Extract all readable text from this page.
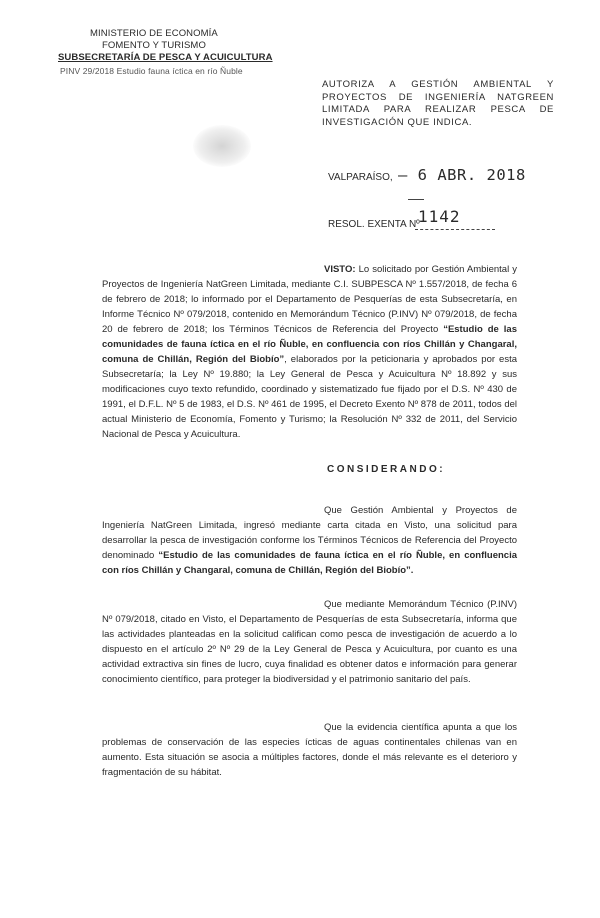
MINISTERIO DE ECONOMÍA
FOMENTO Y TURISMO
SUBSECRETARÍA DE PESCA Y ACUICULTURA
PINV 29/2018 Estudio fauna íctica en río Ñuble
AUTORIZA A GESTIÓN AMBIENTAL Y PROYECTOS DE INGENIERÍA NATGREEN LIMITADA PARA REALIZAR PESCA DE INVESTIGACIÓN QUE INDICA.
VALPARAÍSO, – 6 ABR. 2018
RESOL. EXENTA Nº
1142
VISTO: Lo solicitado por Gestión Ambiental y Proyectos de Ingeniería NatGreen Limitada, mediante C.I. SUBPESCA Nº 1.557/2018, de fecha 6 de febrero de 2018; lo informado por el Departamento de Pesquerías de esta Subsecretaría, en Informe Técnico Nº 079/2018, contenido en Memorándum Técnico (P.INV) Nº 079/2018, de fecha 20 de febrero de 2018; los Términos Técnicos de Referencia del Proyecto “Estudio de las comunidades de fauna íctica en el río Ñuble, en confluencia con ríos Chillán y Changaral, comuna de Chillán, Región del Biobío”, elaborados por la peticionaria y aprobados por esta Subsecretaría; la Ley Nº 19.880; la Ley General de Pesca y Acuicultura Nº 18.892 y sus modificaciones cuyo texto refundido, coordinado y sistematizado fue fijado por el D.S. Nº 430 de 1991, el D.F.L. Nº 5 de 1983, el D.S. Nº 461 de 1995, el Decreto Exento Nº 878 de 2011, todos del actual Ministerio de Economía, Fomento y Turismo; la Resolución Nº 332 de 2011, del Servicio Nacional de Pesca y Acuicultura.
CONSIDERANDO:
Que Gestión Ambiental y Proyectos de Ingeniería NatGreen Limitada, ingresó mediante carta citada en Visto, una solicitud para desarrollar la pesca de investigación conforme los Términos Técnicos de Referencia del Proyecto denominado “Estudio de las comunidades de fauna íctica en el río Ñuble, en confluencia con ríos Chillán y Changaral, comuna de Chillán, Región del Biobío”.
Que mediante Memorándum Técnico (P.INV) Nº 079/2018, citado en Visto, el Departamento de Pesquerías de esta Subsecretaría, informa que las actividades planteadas en la solicitud califican como pesca de investigación de acuerdo a lo dispuesto en el artículo 2º Nº 29 de la Ley General de Pesca y Acuicultura, por cuanto es una actividad extractiva sin fines de lucro, cuya finalidad es obtener datos e información para generar conocimiento científico, para proteger la biodiversidad y el patrimonio sanitario del país.
Que la evidencia científica apunta a que los problemas de conservación de las especies ícticas de aguas continentales chilenas van en aumento. Esta situación se asocia a múltiples factores, donde el más relevante es el deterioro y fragmentación de su hábitat.
